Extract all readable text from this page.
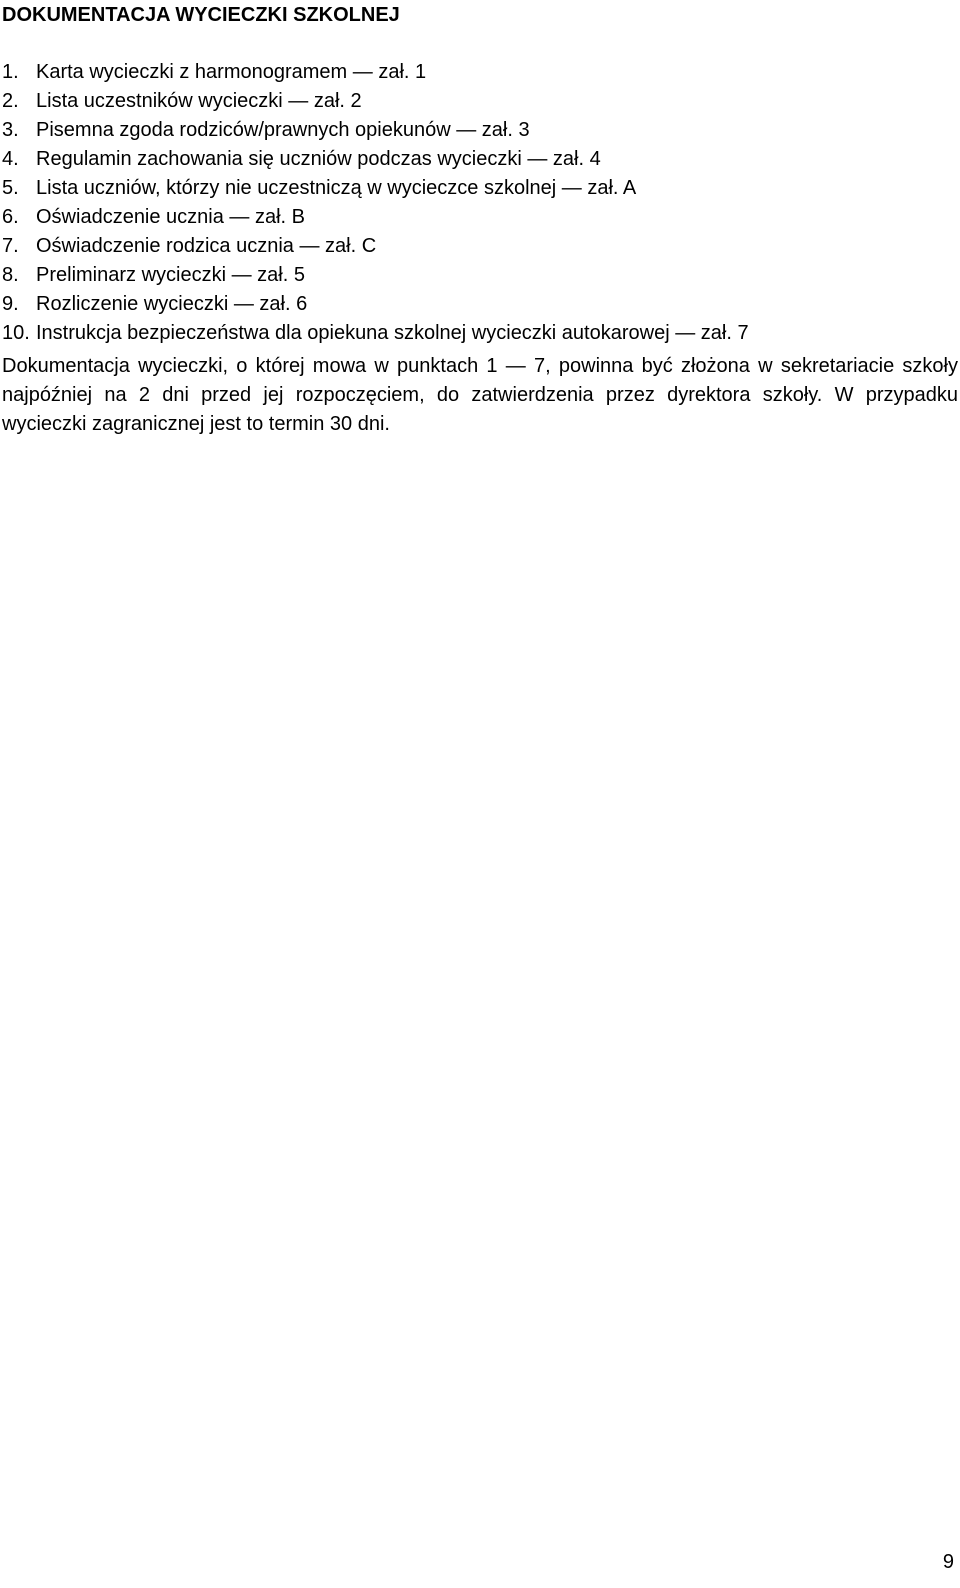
DOKUMENTACJA WYCIECZKI SZKOLNEJ
1. Karta wycieczki z harmonogramem — zał. 1
2. Lista uczestników wycieczki — zał. 2
3. Pisemna zgoda rodziców/prawnych opiekunów — zał. 3
4. Regulamin zachowania się uczniów podczas wycieczki — zał. 4
5. Lista uczniów, którzy nie uczestniczą w wycieczce szkolnej — zał. A
6. Oświadczenie ucznia — zał. B
7. Oświadczenie rodzica ucznia — zał. C
8. Preliminarz wycieczki — zał. 5
9. Rozliczenie wycieczki — zał. 6
10. Instrukcja bezpieczeństwa dla opiekuna szkolnej wycieczki autokarowej — zał. 7

Dokumentacja wycieczki, o której mowa w punktach 1 — 7, powinna być złożona w sekretariacie szkoły najpóźniej na 2 dni przed jej rozpoczęciem, do zatwierdzenia przez dyrektora szkoły. W przypadku wycieczki zagranicznej jest to termin 30 dni.

9
